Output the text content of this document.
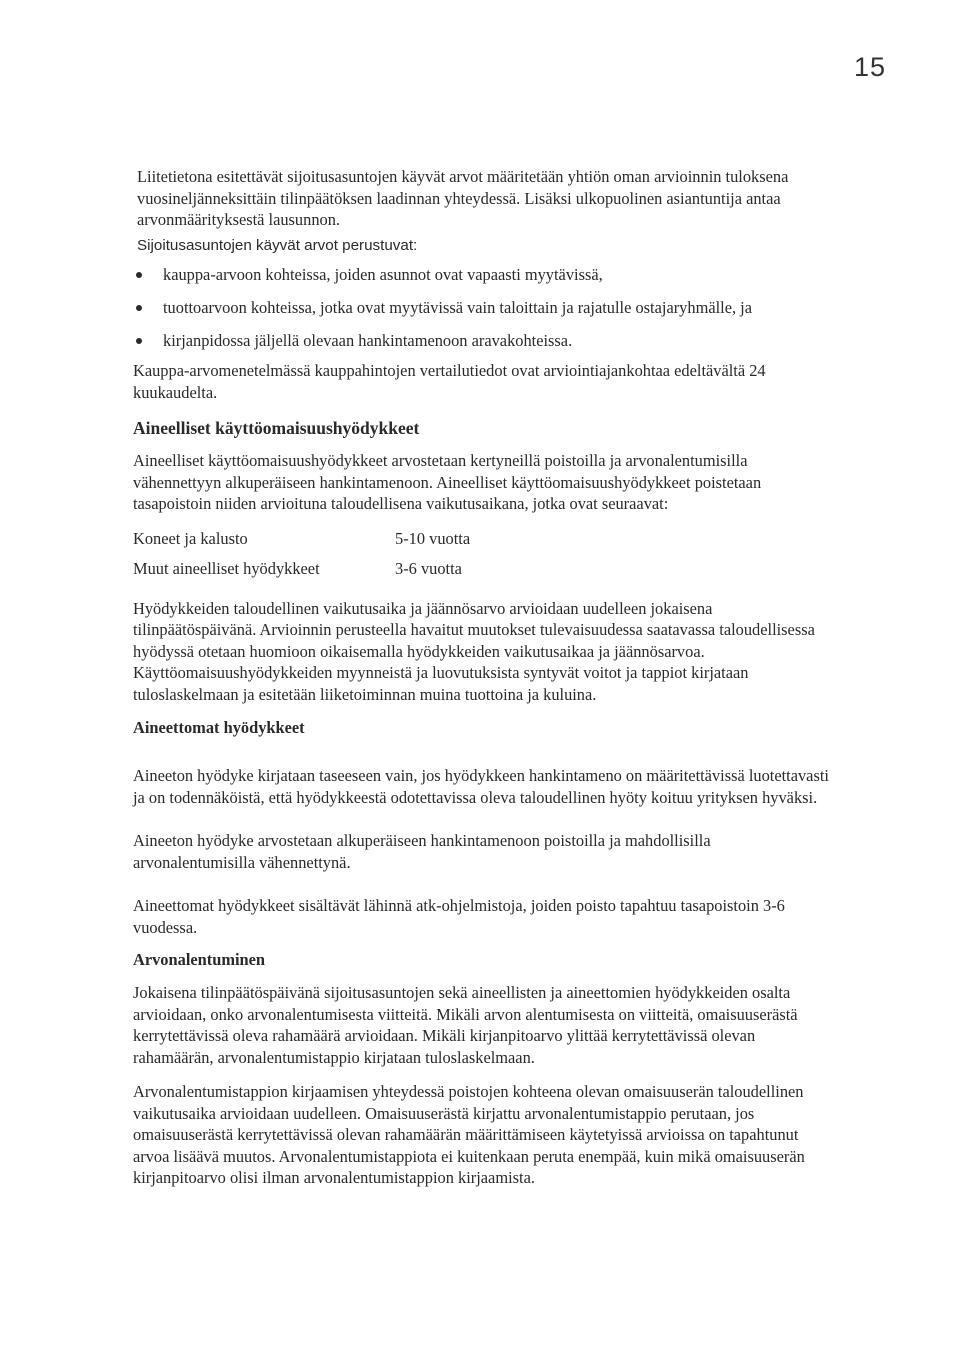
15

Liitetietona esitettävät sijoitusasuntojen käyvät arvot määritetään yhtiön oman arvioinnin tuloksena vuosineljänneksittäin tilinpäätöksen laadinnan yhteydessä. Lisäksi ulkopuolinen asiantuntija antaa arvonmäärityksestä lausunnon.

Sijoitusasuntojen käyvät arvot perustuvat:

kauppa-arvoon kohteissa, joiden asunnot ovat vapaasti myytävissä,
tuottoarvoon kohteissa, jotka ovat myytävissä vain taloittain ja rajatulle ostajaryhmälle, ja
kirjanpidossa jäljellä olevaan hankintamenoon aravakohteissa.

Kauppa-arvomenetelmässä kauppahintojen vertailutiedot ovat arviointiajankohtaa edeltävältä 24 kuukaudelta.

Aineelliset käyttöomaisuushyödykkeet

Aineelliset käyttöomaisuushyödykkeet arvostetaan kertyneillä poistoilla ja arvonalentumisilla vähennettyyn alkuperäiseen hankintamenoon. Aineelliset käyttöomaisuushyödykkeet poistetaan tasapoistoin niiden arvioituna taloudellisena vaikutusaikana, jotka ovat seuraavat:

Koneet ja kalusto	5-10 vuotta
Muut aineelliset hyödykkeet	3-6 vuotta

Hyödykkeiden taloudellinen vaikutusaika ja jäännösarvo arvioidaan uudelleen jokaisena tilinpäätöspäivänä. Arvioinnin perusteella havaitut muutokset tulevaisuudessa saatavassa taloudellisessa hyödyssä otetaan huomioon oikaisemalla hyödykkeiden vaikutusaikaa ja jäännösarvoa. Käyttöomaisuushyödykkeiden myynneistä ja luovutuksista syntyvät voitot ja tappiot kirjataan tuloslaskelmaan ja esitetään liiketoiminnan muina tuottoina ja kuluina.

Aineettomat hyödykkeet

Aineeton hyödyke kirjataan taseeseen vain, jos hyödykkeen hankintameno on määritettävissä luotettavasti ja on todennäköistä, että hyödykkeestä odotettavissa oleva taloudellinen hyöty koituu yrityksen hyväksi.

Aineeton hyödyke arvostetaan alkuperäiseen hankintamenoon poistoilla ja mahdollisilla arvonalentumisilla vähennettynä.

Aineettomat hyödykkeet sisältävät lähinnä atk-ohjelmistoja, joiden poisto tapahtuu tasapoistoin 3-6 vuodessa.

Arvonalentuminen

Jokaisena tilinpäätöspäivänä sijoitusasuntojen sekä aineellisten ja aineettomien hyödykkeiden osalta arvioidaan, onko arvonalentumisesta viitteitä. Mikäli arvon alentumisesta on viitteitä, omaisuuserästä kerrytettävissä oleva rahamäärä arvioidaan. Mikäli kirjanpitoarvo ylittää kerrytettävissä olevan rahamäärän, arvonalentumistappio kirjataan tuloslaskelmaan.

Arvonalentumistappion kirjaamisen yhteydessä poistojen kohteena olevan omaisuuserän taloudellinen vaikutusaika arvioidaan uudelleen. Omaisuuserästä kirjattu arvonalentumistappio perutaan, jos omaisuuserästä kerrytettävissä olevan rahamäärän määrittämiseen käytetyissä arvioissa on tapahtunut arvoa lisäävä muutos. Arvonalentumistappiota ei kuitenkaan peruta enempää, kuin mikä omaisuuserän kirjanpitoarvo olisi ilman arvonalentumistappion kirjaamista.
